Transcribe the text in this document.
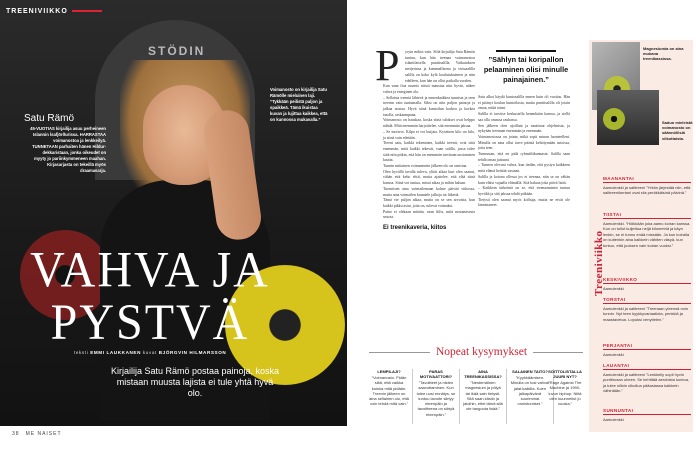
STÖDIN
TREENIVIIKKO
Satu Rämö
45-VUOTIAS kirjailija asuu perheineen Islannin Ísafjörðurissa. HARRASTAA voimanostoa ja lenkkeilyä. TUNNETAAN parhaiten hänen Hildur-dekkaristaan, jonka oikeudet on myyty jo pariinkymmeneen maahan. Kirjasarjasta on tekeillä myös draamasarja.
Voimanosto on kirjailija Satu Rämölle mieluinen laji. ”Tykkään peilistä paljon ja spaikkeä. Tämä ikuistaa kuvan ja lujittaa kaikkea, että on kunnossa mukavalla.”
VAHVA JA PYSTVÄ
teksti EMMI LAUKKANEN kuvat BJÖRGVIN HILMARSSON
Kirjailija Satu Rämö postaa painoja, koska mistaan muusta lajista ei tule yhtä hyvä olo.
38 ME NAISET
P yryin mihin vain. Siltä kirjailija Satu Rämön tuntuu, kun hän treenaa voimanostoa islantilaisella punttisalilla. Vaikutuksen meijerinsa ja kummallisena ja virtuaalilla salilla on koko kylä koulutuksineen ja niin edelleen, kun hän on ollut paikalla vuoden.

Kun sana iloa ruumis niissä maustaa niin hyvin, näkee vahva ja energinen olo.

– Sellaista treeniä lähtevä ja ennenkaikkea tunnista ja teen treenin vain tuntumalla. Siksi on niin paljon painoja ja jalkaa nostaa. Hyvä siinä kuntoilun korkea ja korkea tasolla, raskaampana.

Voimanosto on hauskaa, koska siinä tulokset ovat helppo nähdä. Mitä enemmän harjoittelee, sitä enemmän jaksaa.

– Se motivoi. Kilpa ei voi huijata. Kyseinen kilo on kilo, ja siinä vain edetään.

Treeni satu, kaikki tekeminen, kaikki treenit, ovat siitä enemmän, mitä kaikki tekevät, vaan salilla, jossa tulee siitä niin pitkin, että hän on enemmän tarvitaan nostamisen kautta.

Tunnin mittainen voimaneniin jälkeen olo on omistaa.

Olen hyvällä tavalla tuleva, ylität aikaa kun olen saanut, vähän että keho ehtii, mutta ajattelee, että elää siinä kanssa. Siinä voi tuntua, missä aikaa ja mihin haluan.

Tuomitsen aina voimailemaan kolme päivää viikossa, mutta aina voimailen kuuntele jalkoja tai liikettä.

Tämä vie paljon aikaa, mutta on se sen arvoista, kun kaikki pikku asiat, joita on, tulevat voimaksi.

Paino ei olekaan mitään, vaan fiilis, mitä nostamisesta seuraa.

Ei treenikaveria, kiitos
”Sählyn tai koripallon pelaaminen olisi minulle painajainen.”

Satu alkoi käydä kuntosalilla ennen kuin oli vuotias. Hän ei pitänyt koulun kuntoilusta, mutta punttisalilla oli jotain omaa, mikä toimi.

Salilla ei tarvitse keskustella kenenkään kanssa, ja siellä saa olla omassa rauhassa.

Sen jälkeen olen ajoillani ja nauttinut ohjelmista, ja nykyään treenaan enemmän ja enemmän.

Voimanostossa on jotain, mikä sopii minun luonteelleni. Minulla on aina ollut tarve päästä kehittymään asioissa, joita teen.

Tunnustan, että en pidä ryhmäliikunnasta. Salilla saan tehdä omaa juttuani.

– Tunnen olevani vahva, kun tiedän, että pystyn kaikkeen mitä elämä heittää vastaan.

Salilla ja kotona ollessa jos ei treenaa, niin se on vähän kuin eläisi vajaalla elämällä. Sitä haluaa joka päivä lisää.

– Kaikkein tärkeintä on se, että treenaaminen tuntuu hyvältä ja sitä jaksaa tehdä pitkään.

Tietysti olen saanut myös kolhuja, mutta ne eivät ole lannistaneet.

Magnesiumia on aina mukana treenikassissa.
Sadun mieleistä voimanosto on säännöllisiä viikottaista.
Treeniviikko
MAANANTAI
Aamulenkki ja salitreeni ”Yritän järjestää niin, että salitreenikertani ovat siis peräkkäisinä päivinä.”
TIISTAI
Aamulenkki. ”Hölkkään joka aamu koiran kanssa. Kun on tullut kuljettua neljä kilometriä ja käyn lenkin, se ei tunnu enää missään. Ja kun koiralla on kuitenkin aina kaikkein vähiten väsyä, kun tuntuu, että juoksen vain koiran vuoksi.”
KESKIVIIKKO
Aamulenkki
TORSTAI
Aamulenkki ja salitreeni ”Treenaan yleensä noin tunnin. Nyt teen kyykkyvariaatiota, penkkiä ja maastavetoa. Lopuksi venyttelen.”
PERJANTAI
Aamulenkki
LAUANTAI
Aamulenkki ja salitreeni ”Lenkkeily sopii hyvin punttirosan oheen. Se kehittää aerobista kuntoa, ja tulee silloin ulkoilua pääasiassa kaikkein vähintään.”
SUNNUNTAI
Aamulenkki
Nopeat kysymykset
LEMPILAJI?
”Voimanosto. Pidän siitä, että vaikka kuinka mitä pidään. Treenin jälkeen on aina sellainen olo, että voin tehdä mitä vain.”
PARAS MOTIVAATTORI?
”Tavoitteet ja niiden saavuttaminen. Kun tulee uusi ennätys, se tuntuu tavoite siirtyy eteenpäin ja tavoitteena on siirtyä eteenpäin.”
AINA TREENIKASSISSA?
”Nestemäinen magnesium ja pölyä tai ikää sain tietysti. Sitä saan käsiin ja jaloihin, ettei tämä sitä ole tangoota lisää.”
SALAINEN TAITO?
”Kyykkäämisen. Minulla on tosi vahvat jalat kaikilla. Koen jalkapäivänä suurimmat onnistumiset.”
SOITTOLISTALLA JUURI NYT?
”Rage Against The Machine ja 1990-luvun hiphop. Niitä olen kuunnellut jo vuosia.”
